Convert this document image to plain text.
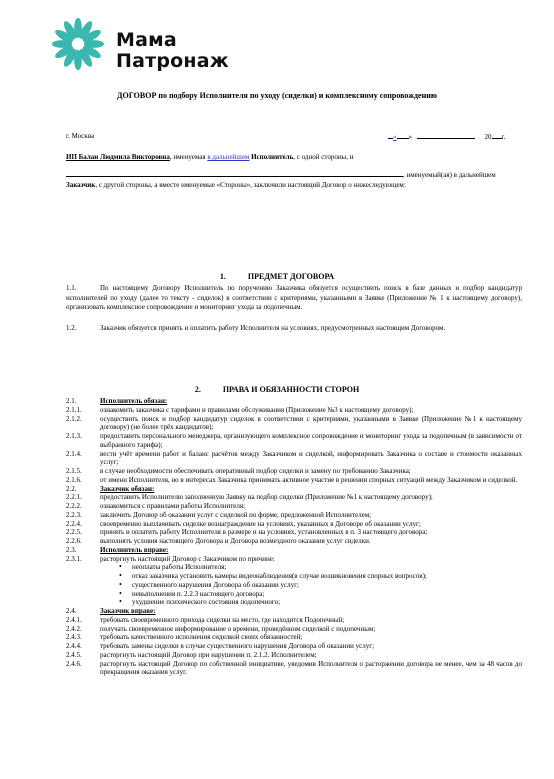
Мама
Патронаж
ДОГОВОР по подбору Исполнителя по уходу (сиделки) и комплексному сопровождению
г. Москва	« »	20 г.
ИП Балан Людмила Викторовна, именуемая в дальнейшем Исполнитель, с одной стороны, и
, именуемый(ая) в дальнейшем
Заказчик, с другой стороны, а вместе именуемые «Стороны», заключили настоящий Договор о нижеследующем:
1.	ПРЕДМЕТ ДОГОВОРА
1.1.	По настоящему Договору Исполнитель по поручению Заказчика обязуется осуществить поиск в базе данных и подбор кандидатур исполнителей по уходу (далее то тексту - сиделок) в соответствии с критериями, указанными в Заявке (Приложение № 1 к настоящему договору), организовать комплексное сопровождение и мониторинг ухода за подопечным.
1.2.	Заказчик обязуется принять и оплатить работу Исполнителя на условиях, предусмотренных настоящим Договором.
2.	ПРАВА И ОБЯЗАННОСТИ СТОРОН
2.1.	Исполнитель обязан:
2.1.1.	ознакомить заказчика с тарифами и правилами обслуживания (Приложение №3 к настоящему договору);
2.1.2.	осуществить поиск и подбор кандидатур сиделок в соответствии с критериями, указанными в Заявке (Приложение №1 к настоящему договору) (не более трёх кандидатов);
2.1.3.	предоставить персонального менеджера, организующего комплексное сопровождение и мониторинг ухода за подопечным (в зависимости от выбранного тарифа);
2.1.4.	вести учёт времени работ и баланс расчётов между Заказчиком и сиделкой, информировать Заказчика о составе и стоимости оказанных услуг;
2.1.5.	в случае необходимости обеспечивать оперативный подбор сиделки и замену по требованию Заказчика;
2.1.6.	от имени Исполнителя, но в интересах Заказчика принимать активное участие в решении спорных ситуаций между Заказчиком и сиделкой.
2.2.	Заказчик обязан:
2.2.1.	предоставить Исполнителю заполненную Заявку на подбор сиделки (Приложение №1 к настоящему договору);
2.2.2.	ознакомиться с правилами работы Исполнителя;
2.2.3.	заключить Договор об оказании услуг с сиделкой по форме, предложенной Исполнителем;
2.2.4.	своевременно выплачивать сиделке вознаграждение на условиях, указанных в Договоре об оказании услуг;
2.2.5.	принять и оплатить работу Исполнителя в размере и на условиях, установленных в п. 3 настоящего договора;
2.2.6.	выполнять условия настоящего Договора и Договора возмездного оказания услуг сиделки.
2.3.	Исполнитель вправе:
2.3.1.	расторгнуть настоящий Договор с Заказчиком по причине:
• неоплаты работы Исполнителя;
• отказ заказчика установить камеры видеонаблюдения(в случае возникновения спорных вопросов);
• существенного нарушения Договора об оказании услуг;
• невыполнения п. 2.2.3 настоящего договора;
• ухудшение психического состояния подопечного;
2.4.	Заказчик вправе:
2.4.1.	требовать своевременного прихода сиделки на место, где находится Подопечный;
2.4.2.	получать своевременное информирование о времени, проведённом сиделкой с подопечным;
2.4.3.	требовать качественного исполнения сиделкой своих обязанностей;
2.4.4.	требовать замены сиделки в случае существенного нарушения Договора об оказании услуг;
2.4.5.	расторгнуть настоящий Договор при нарушении п. 2.1.2. Исполнителем;
2.4.6.	расторгнуть настоящий Договор по собственной инициативе, уведомив Исполнителя о расторжении договора не менее, чем за 48 часов до прекращения оказания услуг.
